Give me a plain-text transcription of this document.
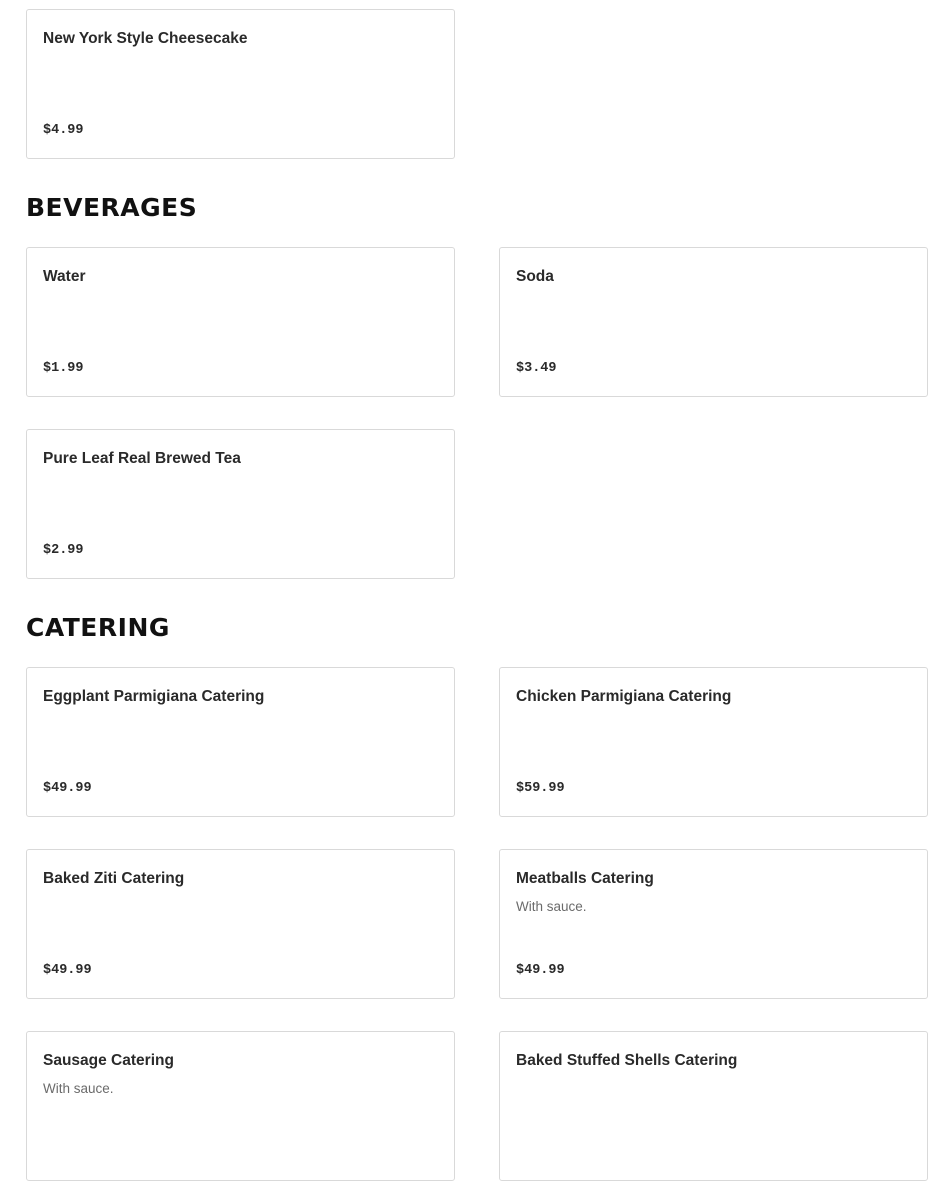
New York Style Cheesecake
$4.99
BEVERAGES
Water
$1.99
Soda
$3.49
Pure Leaf Real Brewed Tea
$2.99
CATERING
Eggplant Parmigiana Catering
$49.99
Chicken Parmigiana Catering
$59.99
Baked Ziti Catering
$49.99
Meatballs Catering
With sauce.
$49.99
Sausage Catering
With sauce.
Baked Stuffed Shells Catering
